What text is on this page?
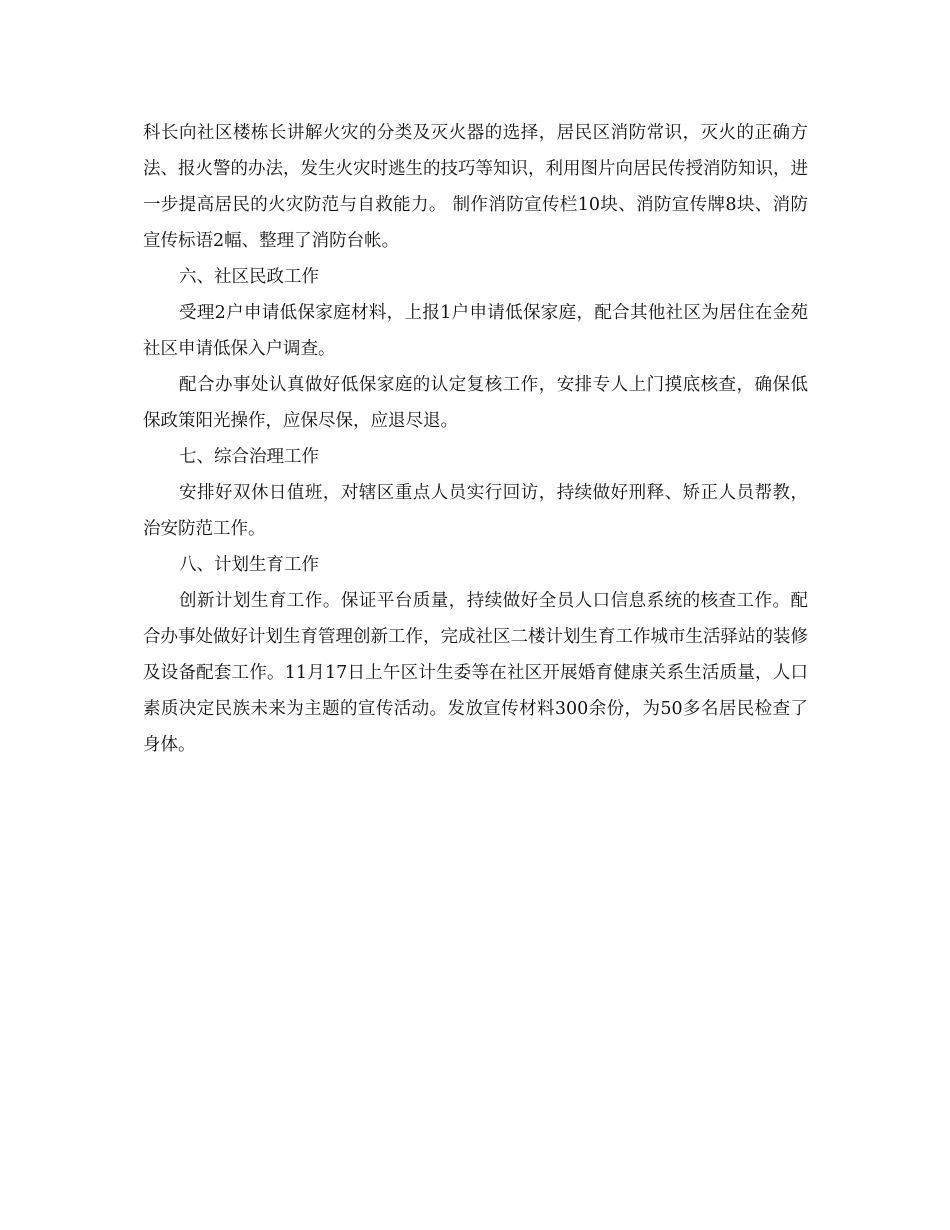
科长向社区楼栋长讲解火灾的分类及灭火器的选择，居民区消防常识，灭火的正确方法、报火警的办法，发生火灾时逃生的技巧等知识，利用图片向居民传授消防知识，进一步提高居民的火灾防范与自救能力。 制作消防宣传栏10块、消防宣传牌8块、消防宣传标语2幅、整理了消防台帐。

六、社区民政工作

受理2户申请低保家庭材料，上报1户申请低保家庭，配合其他社区为居住在金苑社区申请低保入户调查。

配合办事处认真做好低保家庭的认定复核工作，安排专人上门摸底核查，确保低保政策阳光操作，应保尽保，应退尽退。

七、综合治理工作

安排好双休日值班，对辖区重点人员实行回访，持续做好刑释、矫正人员帮教，治安防范工作。

八、计划生育工作

创新计划生育工作。保证平台质量，持续做好全员人口信息系统的核查工作。配合办事处做好计划生育管理创新工作，完成社区二楼计划生育工作城市生活驿站的装修及设备配套工作。11月17日上午区计生委等在社区开展婚育健康关系生活质量，人口素质决定民族未来为主题的宣传活动。发放宣传材料300余份，为50多名居民检查了身体。
